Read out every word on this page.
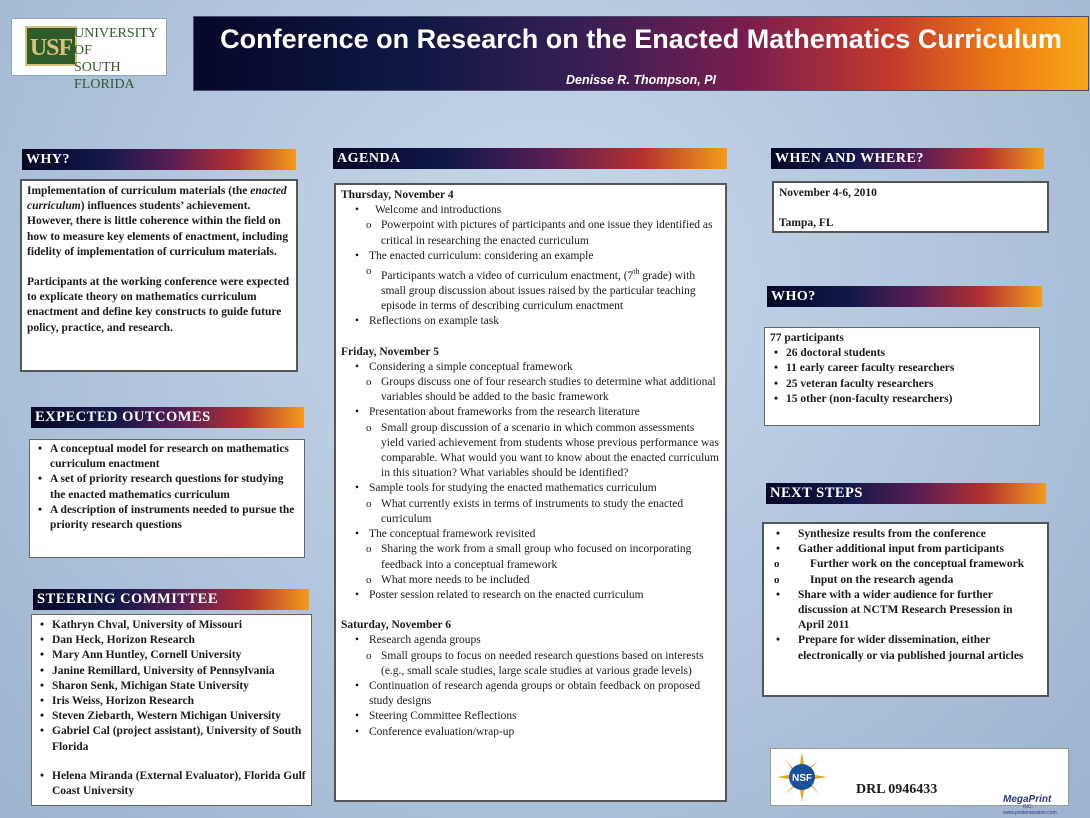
USF
UNIVERSITY OF
SOUTH FLORIDA
Conference on Research on the Enacted Mathematics Curriculum
Denisse R. Thompson, PI
WHY?

Implementation of curriculum materials (the enacted curriculum) influences students’ achievement. However, there is little coherence within the field on how to measure key elements of enactment, including fidelity of implementation of curriculum materials.

Participants at the working conference were expected to explicate theory on mathematics curriculum enactment and define key constructs to guide future policy, practice, and research.

EXPECTED OUTCOMES
• A conceptual model for research on mathematics curriculum enactment
• A set of priority research questions for studying the enacted mathematics curriculum
• A description of instruments needed to pursue the priority research questions
STEERING COMMITTEE
• Kathryn Chval, University of Missouri
• Dan Heck, Horizon Research
• Mary Ann Huntley, Cornell University
• Janine Remillard, University of Pennsylvania
• Sharon Senk, Michigan State University
• Iris Weiss, Horizon Research
• Steven Ziebarth, Western Michigan University
• Gabriel Cal (project assistant), University of South Florida
• Helena Miranda (External Evaluator), Florida Gulf Coast University
AGENDA
Thursday, November 4
• Welcome and introductions
o Powerpoint with pictures of participants and one issue they identified as critical in researching the enacted curriculum
• The enacted curriculum: considering an example
o Participants watch a video of curriculum enactment, (7th grade) with small group discussion about issues raised by the particular teaching episode in terms of describing curriculum enactment
• Reflections on example task
Friday, November 5
• Considering a simple conceptual framework
o Groups discuss one of four research studies to determine what additional variables should be added to the basic framework
• Presentation about frameworks from the research literature
o Small group discussion of a scenario in which common assessments yield varied achievement from students whose previous performance was comparable. What would you want to know about the enacted curriculum in this situation? What variables should be identified?
• Sample tools for studying the enacted mathematics curriculum
o What currently exists in terms of instruments to study the enacted curriculum
• The conceptual framework revisited
o Sharing the work from a small group who focused on incorporating feedback into a conceptual framework
o What more needs to be included
• Poster session related to research on the enacted curriculum
Saturday, November 6
• Research agenda groups
o Small groups to focus on needed research questions based on interests (e.g., small scale studies, large scale studies at various grade levels)
• Continuation of research agenda groups or obtain feedback on proposed study designs
• Steering Committee Reflections
• Conference evaluation/wrap-up
WHEN AND WHERE?
November 4-6, 2010
Tampa, FL
WHO?
77 participants
• 26 doctoral students
• 11 early career faculty researchers
• 25 veteran faculty researchers
• 15 other (non-faculty researchers)
NEXT STEPS
• Synthesize results from the conference
• Gather additional input from participants
o Further work on the conceptual framework
o Input on the research agenda
• Share with a wider audience for further discussion at NCTM Research Presession in April 2011
• Prepare for wider dissemination, either electronically or via published journal articles
NSF
DRL 0946433
MegaPrint
INC.
www.postersession.com
